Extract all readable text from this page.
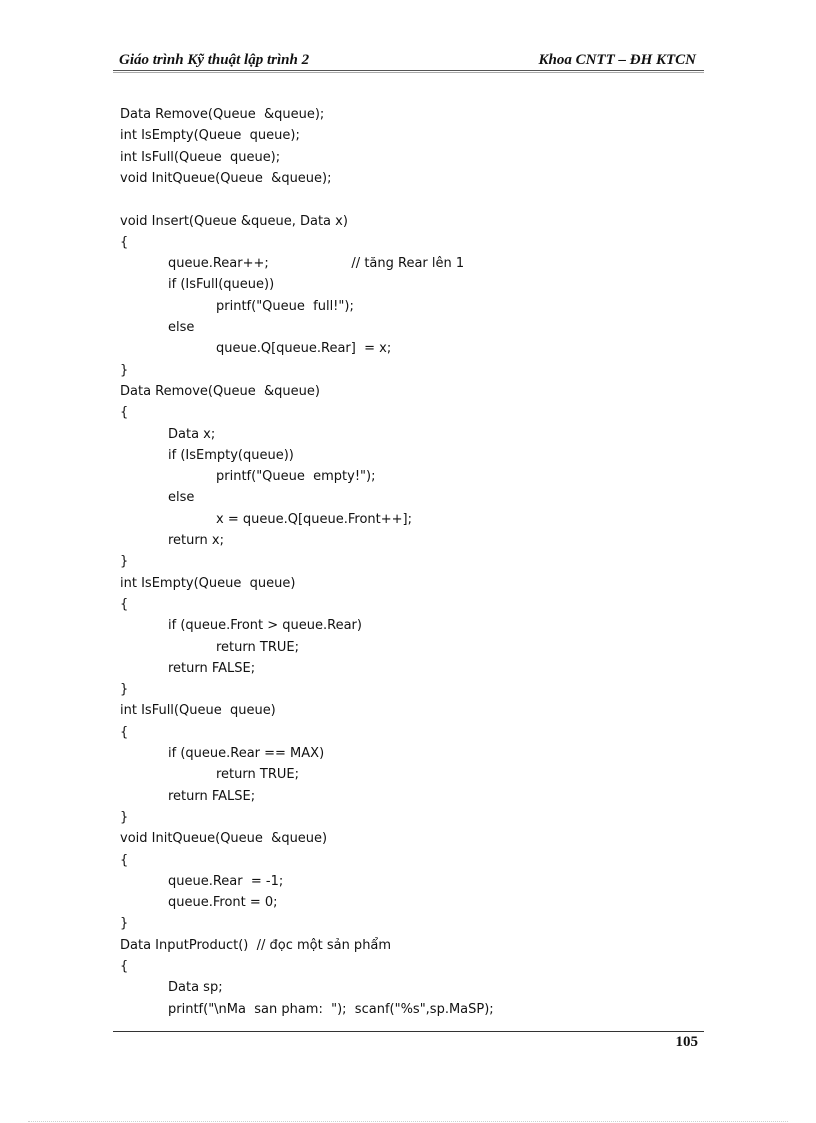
Giáo trình Kỹ thuật lập trình 2	Khoa CNTT – ĐH KTCN
Data Remove(Queue  &queue);
int IsEmpty(Queue  queue);
int IsFull(Queue  queue);
void InitQueue(Queue  &queue);
void Insert(Queue &queue, Data x)
{
queue.Rear++;                    // tăng Rear lên 1
if (IsFull(queue))
printf("Queue  full!");
else
queue.Q[queue.Rear]  = x;
}
Data Remove(Queue  &queue)
{
Data x;
if (IsEmpty(queue))
printf("Queue  empty!");
else
x = queue.Q[queue.Front++];
return x;
}
int IsEmpty(Queue  queue)
{
if (queue.Front > queue.Rear)
return TRUE;
return FALSE;
}
int IsFull(Queue  queue)
{
if (queue.Rear == MAX)
return TRUE;
return FALSE;
}
void InitQueue(Queue  &queue)
{
queue.Rear  = -1;
queue.Front = 0;
}
Data InputProduct()  // đọc một sản phẩm
{
Data sp;
printf("\nMa  san pham:  ");  scanf("%s",sp.MaSP);
105
